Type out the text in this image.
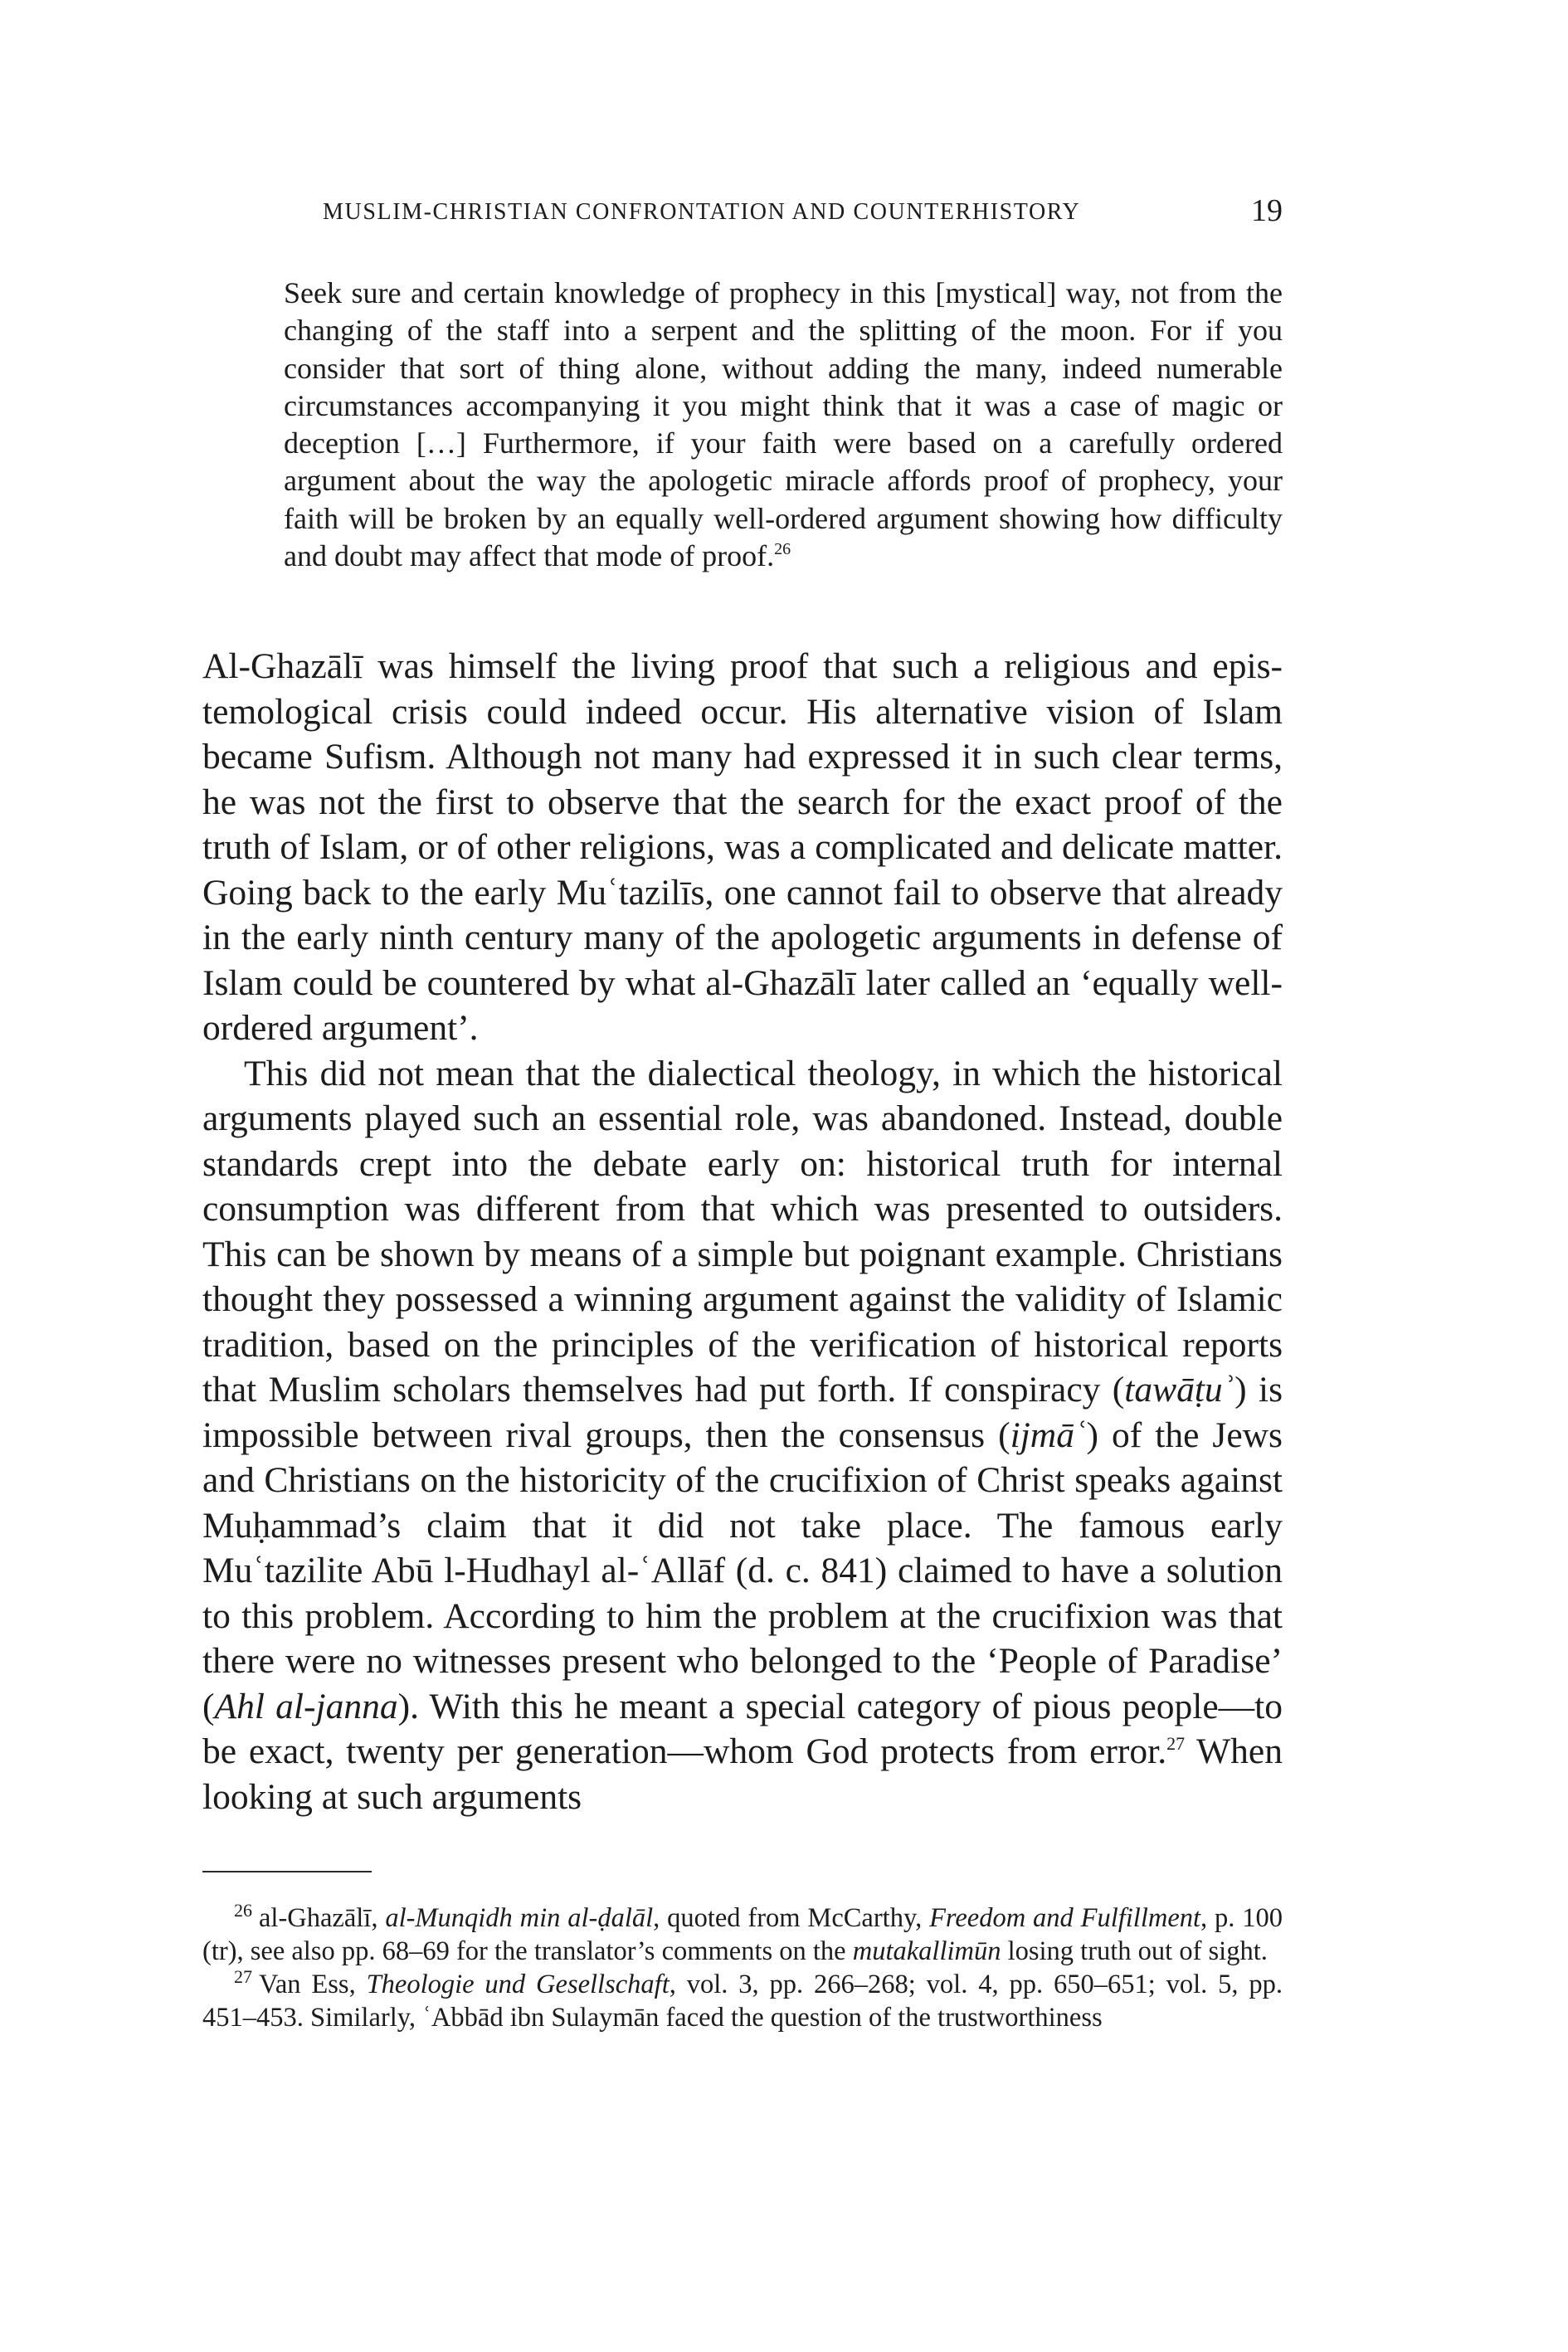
MUSLIM-CHRISTIAN CONFRONTATION AND COUNTERHISTORY	19
Seek sure and certain knowledge of prophecy in this [mystical] way, not from the changing of the staff into a serpent and the splitting of the moon. For if you consider that sort of thing alone, without adding the many, indeed numerable circumstances accompanying it you might think that it was a case of magic or deception […] Furthermore, if your faith were based on a carefully ordered argument about the way the apologetic miracle affords proof of prophecy, your faith will be broken by an equally well-ordered argument showing how difficulty and doubt may affect that mode of proof.$^{26}$

Al-Ghazālī was himself the living proof that such a religious and epistemological crisis could indeed occur. His alternative vision of Islam became Sufism. Although not many had expressed it in such clear terms, he was not the first to observe that the search for the exact proof of the truth of Islam, or of other religions, was a complicated and delicate matter. Going back to the early Muʿtazilīs, one cannot fail to observe that already in the early ninth century many of the apologetic arguments in defense of Islam could be countered by what al-Ghazālī later called an ‘equally well-ordered argument’.

This did not mean that the dialectical theology, in which the historical arguments played such an essential role, was abandoned. Instead, double standards crept into the debate early on: historical truth for internal consumption was different from that which was presented to outsiders. This can be shown by means of a simple but poignant example. Christians thought they possessed a winning argument against the validity of Islamic tradition, based on the principles of the verification of historical reports that Muslim scholars themselves had put forth. If conspiracy (tawāṭuʾ) is impossible between rival groups, then the consensus (ijmāʿ) of the Jews and Christians on the historicity of the crucifixion of Christ speaks against Muḥammad’s claim that it did not take place. The famous early Muʿtazilite Abū l-Hudhayl al-ʿAllāf (d. c. 841) claimed to have a solution to this problem. According to him the problem at the crucifixion was that there were no witnesses present who belonged to the ‘People of Paradise’ (Ahl al-janna). With this he meant a special category of pious people—to be exact, twenty per generation—whom God protects from error.$^{27}$ When looking at such arguments

$^{26}$ al-Ghazālī, al-Munqidh min al-ḍalāl, quoted from McCarthy, Freedom and Fulfillment, p. 100 (tr), see also pp. 68–69 for the translator’s comments on the mutakallimūn losing truth out of sight.

$^{27}$ Van Ess, Theologie und Gesellschaft, vol. 3, pp. 266–268; vol. 4, pp. 650–651; vol. 5, pp. 451–453. Similarly, ʿAbbād ibn Sulaymān faced the question of the trustworthiness
